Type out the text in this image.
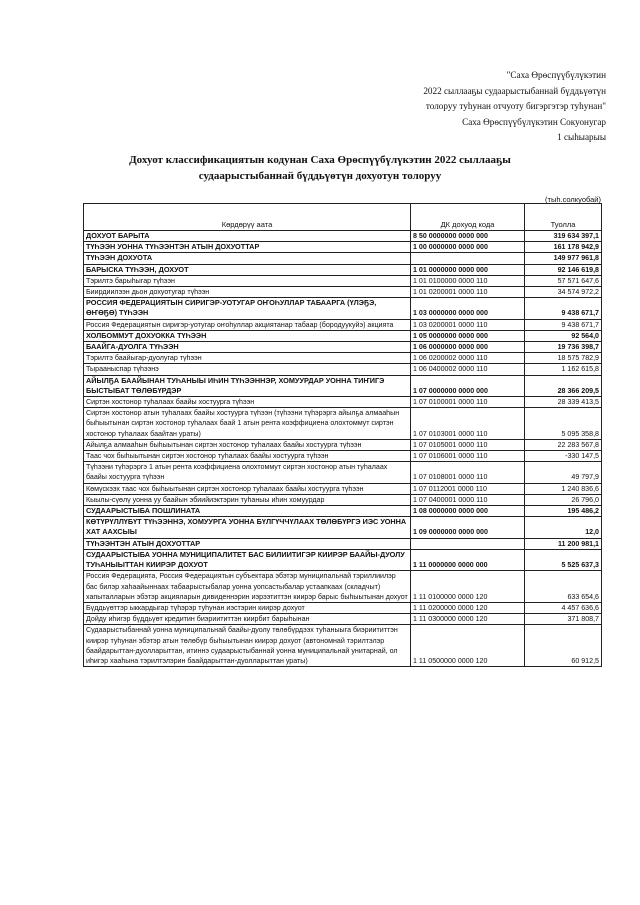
"Саха Өрөспүүбүлүкэтин
2022 сыллааҕы судаарыстыбаннай бүддьүөтүн
толоруу туһунан отчуоту бигэргэтэр туһунан"
Саха Өрөспүүбүлүкэтин Сокуонугар
1 сыһыарыы
Дохуот классификациятын кодунан Саха Өрөспүүбүлүкэтин 2022 сыллааҕы
судаарыстыбаннай бүддьүөтүн дохуотун толоруу
(тыһ.солкуобай)
Көрдөрүү аата	ДК дохуод кода	Туолла
ДОХУОТ БАРЫТА	8 50 0000000 0000 000	319 634 397,1
ТҮҺЭЭН УОННА ТҮҺЭЭНТЭН АТЫН ДОХУОТТАР	1 00 0000000 0000 000	161 178 942,9
ТҮҺЭЭН ДОХУОТА		149 977 961,8
БАРЫСКА ТҮҺЭЭН, ДОХУОТ	1 01 0000000 0000 000	92 146 619,8
Тэрилтэ барыһыгар түһээн	1 01 0100000 0000 110	57 571 647,6
Биирдиилээн дьон дохуотугар түһээн	1 01 0200001 0000 110	34 574 972,2
РОССИЯ ФЕДЕРАЦИЯТЫН СИРИГЭР-УОТУГАР ОҤОҺУЛЛАР ТАБААРГА (ҮЛЭҔЭ, ӨҤӨҔӨ) ТҮҺЭЭН	1 03 0000000 0000 000	9 438 671,7
Россия Федерациятын сиригэр-уотугар оҥоһуллар акциятанар табаар (бородуукуйэ) акцията	1 03 0200001 0000 110	9 438 671,7
ХОЛБОММУТ ДОХУОККА ТҮҺЭЭН	1 05 0000000 0000 000	92 564,0
БААЙГА-ДУОЛГА ТҮҺЭЭН	1 06 0000000 0000 000	19 736 398,7
Тэрилтэ баайыгар-дуолугар түһээн	1 06 0200002 0000 110	18 575 782,9
Тырааныспар түһээнэ	1 06 0400002 0000 110	1 162 615,8
АЙЫЛҔА БААЙЫНАН ТУҺАНЫЫ ИҺИН ТҮҺЭЭННЭР, ХОМУУРДАР УОННА ТИҤИГЭ БЫСТЫБАТ ТӨЛӨБҮРДЭР	1 07 0000000 0000 000	28 366 209,5
Сиртэн хостонор туһалаах баайы хостуурга түһээн	1 07 0100001 0000 110	28 339 413,5
Сиртэн хостонор атын туһалаах баайы хостуурга түһээн (түһээни түһэрэргэ айылҕа алмааһын быһыытынан сиртэн хостонор туһалаах баай 1 атын рента коэффициена олохтоммут сиртэн хостонор туһалаах баайтан ураты)	1 07 0103001 0000 110	5 095 358,8
Айылҕа алмааһын быһыытынан сиртэн хостонор туһалаах баайы хостуурга түһээн	1 07 0105001 0000 110	22 283 567,8
Таас чох быһыытынан сиртэн хостонор туһалаах баайы хостуурга түһээн	1 07 0106001 0000 110	-330 147,5
Түһээни түһэрэргэ 1 атын рента коэффициена олохтоммут сиртэн хостонор атын туһалаах баайы хостуурга түһээн	1 07 0108001 0000 110	49 797,9
Көмүскээх таас чох быһыытынан сиртэн хостонор туһалаах баайы хостуурга түһээн	1 07 0112001 0000 110	1 240 836,6
Кыылы-сүөлү уонна уу баайын эбиийиэктэрин туһаныы иһин хомуурдар	1 07 0400001 0000 110	26 796,0
СУДААРЫСТЫБА ПОШЛИНАТА	1 08 0000000 0000 000	195 486,2
КӨТҮРҮЛЛҮБҮТ ТҮҺЭЭННЭ, ХОМУУРГА УОННА БҮЛГҮЧЧҮЛААХ ТӨЛӨБҮРГЭ ИЭС УОННА ХАТ ААХСЫЫ	1 09 0000000 0000 000	12,0
ТҮҺЭЭНТЭН АТЫН ДОХУОТТАР		11 200 981,1
СУДААРЫСТЫБА УОННА МУНИЦИПАЛИТЕТ БАС БИЛИИТИГЭР КИИРЭР БААЙЫ-ДУОЛУ ТУҺАНЫЫТТАН КИИРЭР ДОХУОТ	1 11 0000000 0000 000	5 525 637,3
Россия Федерацията, Россия Федерациятын субъектара эбэтэр муниципальнай тэриллиилэр бас билэр хаһаайыннаах табаарыстыбалар уонна уопсастыбалар устаапкаах (складчыт) хапыталларын эбэтэр акцияларын дивиденнэрин иэрээтиттэн киирэр барыс быһыытынан дохуот	1 11 0100000 0000 120	633 654,6
Бүддьүөттэр ыккардыгар түһэрэр туһунан иэстэрин киирэр дохуот	1 11 0200000 0000 120	4 457 636,6
Дойду иһигэр бүддьүөт кредитин биэриититтэн киирбит барыһынан	1 11 0300000 0000 120	371 808,7
Судаарыстыбаннай уонна муниципальнай баайы-дуолу төлөбүрдээх туһаныыга биэриититтэн киирэр туһунан эбэтэр атын төлөбүр быһыытынан киирэр дохуот (автономнай тэрилтэлэр баайдарыттан-дуолларыттан, итиннэ судаарыстыбаннай уонна муниципальнай унитарнай, ол иһигэр хааһына тэрилтэлэрин баайдарыттан-дуолларыттан ураты)	1 11 0500000 0000 120	60 912,5
